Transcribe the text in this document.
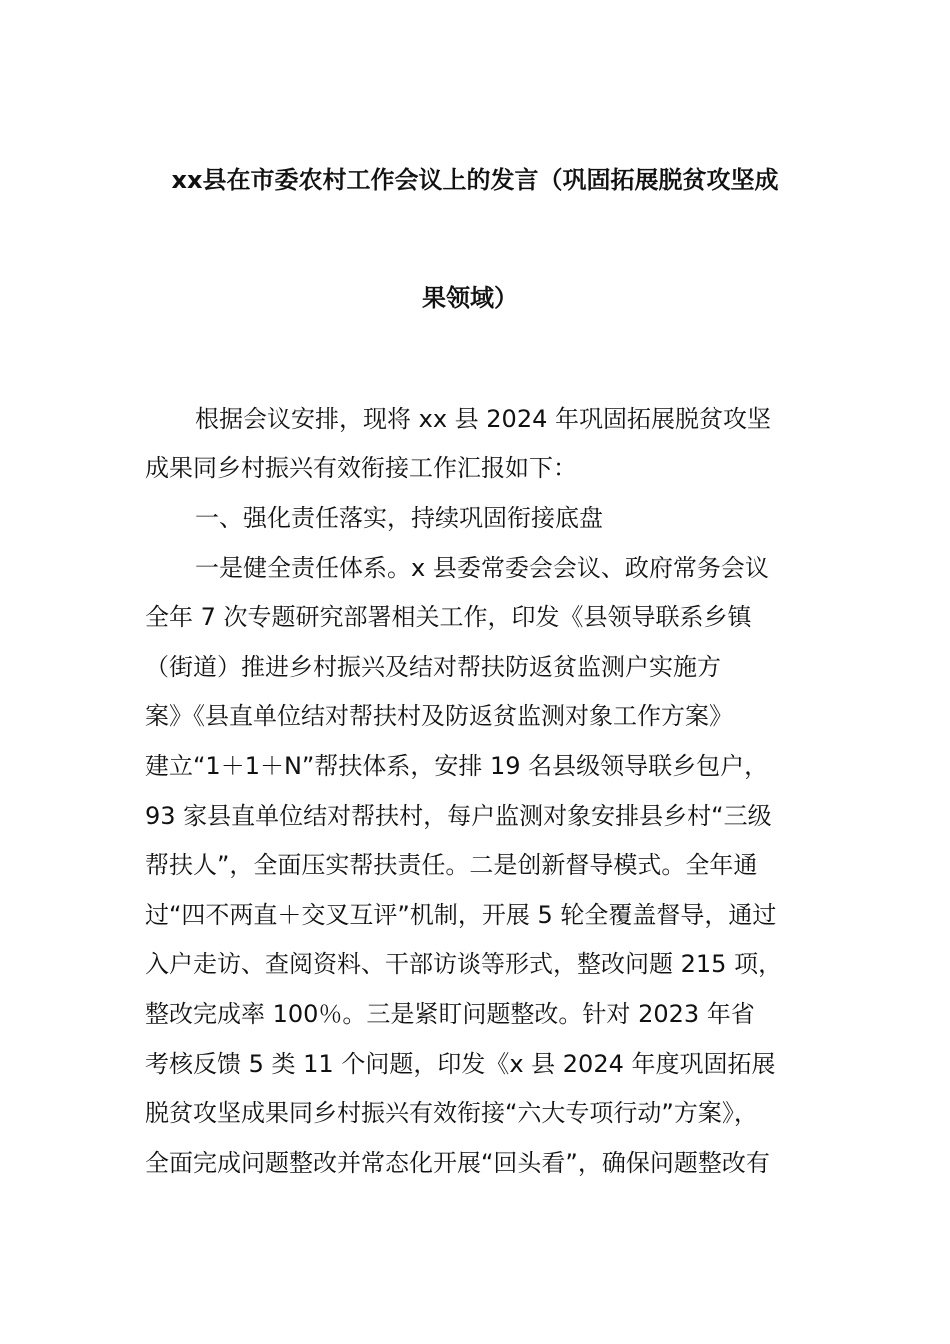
xx县在市委农村工作会议上的发言（巩固拓展脱贫攻坚成
果领域）
根据会议安排，现将 xx 县 2024 年巩固拓展脱贫攻坚
成果同乡村振兴有效衔接工作汇报如下：
一、强化责任落实，持续巩固衔接底盘
一是健全责任体系。x 县委常委会会议、政府常务会议
全年 7 次专题研究部署相关工作，印发《县领导联系乡镇
（街道）推进乡村振兴及结对帮扶防返贫监测户实施方
案》《县直单位结对帮扶村及防返贫监测对象工作方案》
建立“1＋1＋N”帮扶体系，安排 19 名县级领导联乡包户，
93 家县直单位结对帮扶村，每户监测对象安排县乡村“三级
帮扶人”，全面压实帮扶责任。二是创新督导模式。全年通
过“四不两直＋交叉互评”机制，开展 5 轮全覆盖督导，通过
入户走访、查阅资料、干部访谈等形式，整改问题 215 项，
整改完成率 100％。三是紧盯问题整改。针对 2023 年省
考核反馈 5 类 11 个问题，印发《x 县 2024 年度巩固拓展
脱贫攻坚成果同乡村振兴有效衔接“六大专项行动”方案》，
全面完成问题整改并常态化开展“回头看”，确保问题整改有
